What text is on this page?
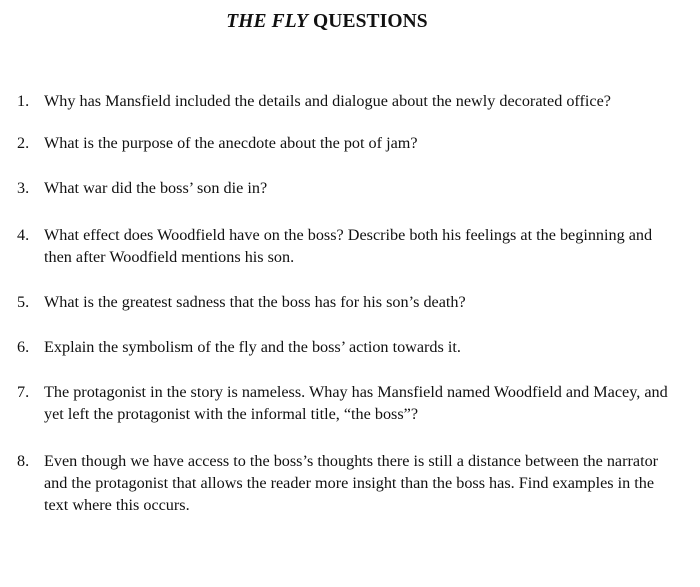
THE FLY QUESTIONS
1. Why has Mansfield included the details and dialogue about the newly decorated office?
2. What is the purpose of the anecdote about the pot of jam?
3. What war did the boss’ son die in?
4. What effect does Woodfield have on the boss? Describe both his feelings at the beginning and then after Woodfield mentions his son.
5. What is the greatest sadness that the boss has for his son’s death?
6. Explain the symbolism of the fly and the boss’ action towards it.
7. The protagonist in the story is nameless. Whay has Mansfield named Woodfield and Macey, and yet left the protagonist with the informal title, “the boss”?
8. Even though we have access to the boss’s thoughts there is still a distance between the narrator and the protagonist that allows the reader more insight than the boss has. Find examples in the text where this occurs.
